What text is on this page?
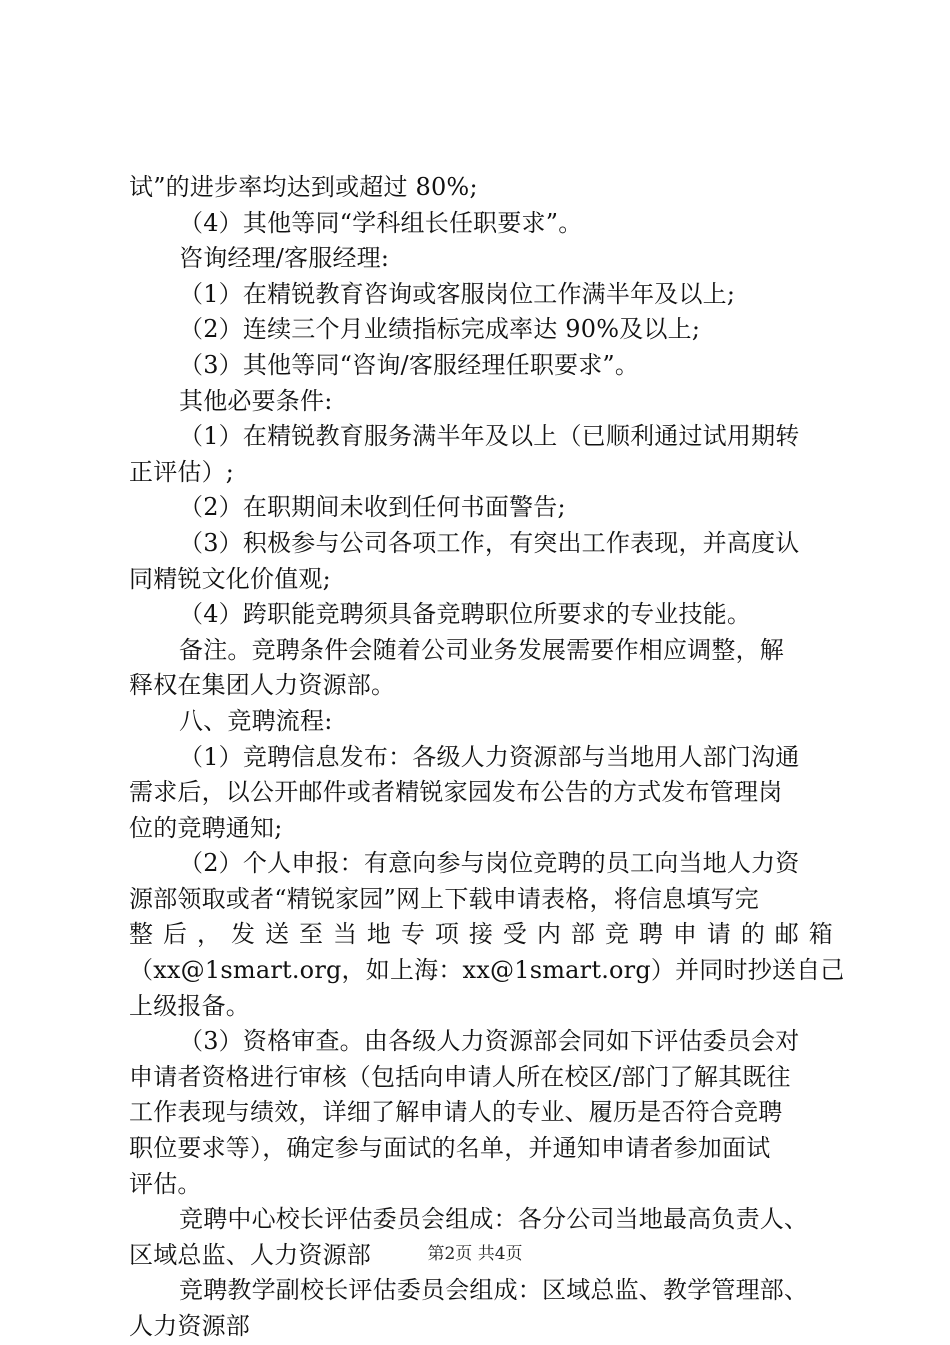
试”的进步率均达到或超过 80%;
（4）其他等同“学科组长任职要求”。
咨询经理/客服经理:
（1）在精锐教育咨询或客服岗位工作满半年及以上;
（2）连续三个月业绩指标完成率达 90%及以上;
（3）其他等同“咨询/客服经理任职要求”。
其他必要条件:
（1）在精锐教育服务满半年及以上（已顺利通过试用期转
正评估）;
（2）在职期间未收到任何书面警告;
（3）积极参与公司各项工作，有突出工作表现，并高度认
同精锐文化价值观;
（4）跨职能竞聘须具备竞聘职位所要求的专业技能。
备注。竞聘条件会随着公司业务发展需要作相应调整，解
释权在集团人力资源部。
八、竞聘流程:
（1）竞聘信息发布：各级人力资源部与当地用人部门沟通
需求后，以公开邮件或者精锐家园发布公告的方式发布管理岗
位的竞聘通知;
（2）个人申报：有意向参与岗位竞聘的员工向当地人力资
源部领取或者“精锐家园”网上下载申请表格，将信息填写完
整后，发送至当地专项接受内部竞聘申请的邮箱
（xx@1smart.org，如上海：xx@1smart.org）并同时抄送自己
上级报备。
（3）资格审查。由各级人力资源部会同如下评估委员会对
申请者资格进行审核（包括向申请人所在校区/部门了解其既往
工作表现与绩效，详细了解申请人的专业、履历是否符合竞聘
职位要求等），确定参与面试的名单，并通知申请者参加面试
评估。
竞聘中心校长评估委员会组成：各分公司当地最高负责人、
区域总监、人力资源部
竞聘教学副校长评估委员会组成：区域总监、教学管理部、
人力资源部
第2页 共4页
